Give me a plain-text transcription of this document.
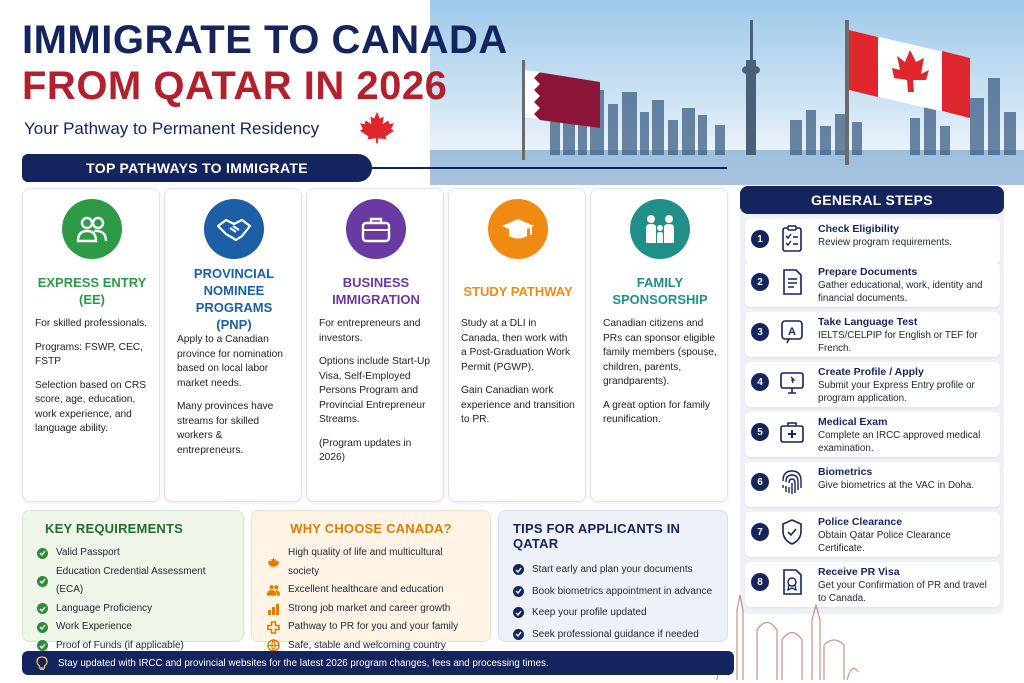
IMMIGRATE TO CANADA
FROM QATAR IN 2026
Your Pathway to Permanent Residency
TOP PATHWAYS TO IMMIGRATE
EXPRESS ENTRY (EE)

For skilled professionals.

Programs: FSWP, CEC, FSTP

Selection based on CRS score, age, education, work experience, and language ability.

PROVINCIAL NOMINEE PROGRAMS (PNP)

Apply to a Canadian province for nomination based on local labor market needs.

Many provinces have streams for skilled workers & entrepreneurs.

BUSINESS IMMIGRATION

For entrepreneurs and investors.

Options include Start-Up Visa, Self-Employed Persons Program and Provincial Entrepreneur Streams.

(Program updates in 2026)

STUDY PATHWAY

Study at a DLI in Canada, then work with a Post-Graduation Work Permit (PGWP).

Gain Canadian work experience and transition to PR.

FAMILY SPONSORSHIP

Canadian citizens and PRs can sponsor eligible family members (spouse, children, parents, grandparents).

A great option for family reunification.

KEY REQUIREMENTS
Valid Passport
Education Credential Assessment (ECA)
Language Proficiency
Work Experience
Proof of Funds (if applicable)
WHY CHOOSE CANADA?
High quality of life and multicultural society
Excellent healthcare and education
Strong job market and career growth
Pathway to PR for you and your family
Safe, stable and welcoming country
TIPS FOR APPLICANTS IN QATAR
Start early and plan your documents
Book biometrics appointment in advance
Keep your profile updated
Seek professional guidance if needed
GENERAL STEPS
1
Check Eligibility
Review program requirements.
2
Prepare Documents
Gather educational, work, identity and financial documents.
3	A
Take Language Test
IELTS/CELPIP for English or TEF for French.
4
Create Profile / Apply
Submit your Express Entry profile or program application.
5
Medical Exam
Complete an IRCC approved medical examination.
6
Biometrics
Give biometrics at the VAC in Doha.
7
Police Clearance
Obtain Qatar Police Clearance Certificate.
8
Receive PR Visa
Get your Confirmation of PR and travel to Canada.
Stay updated with IRCC and provincial websites for the latest 2026 program changes, fees and processing times.
